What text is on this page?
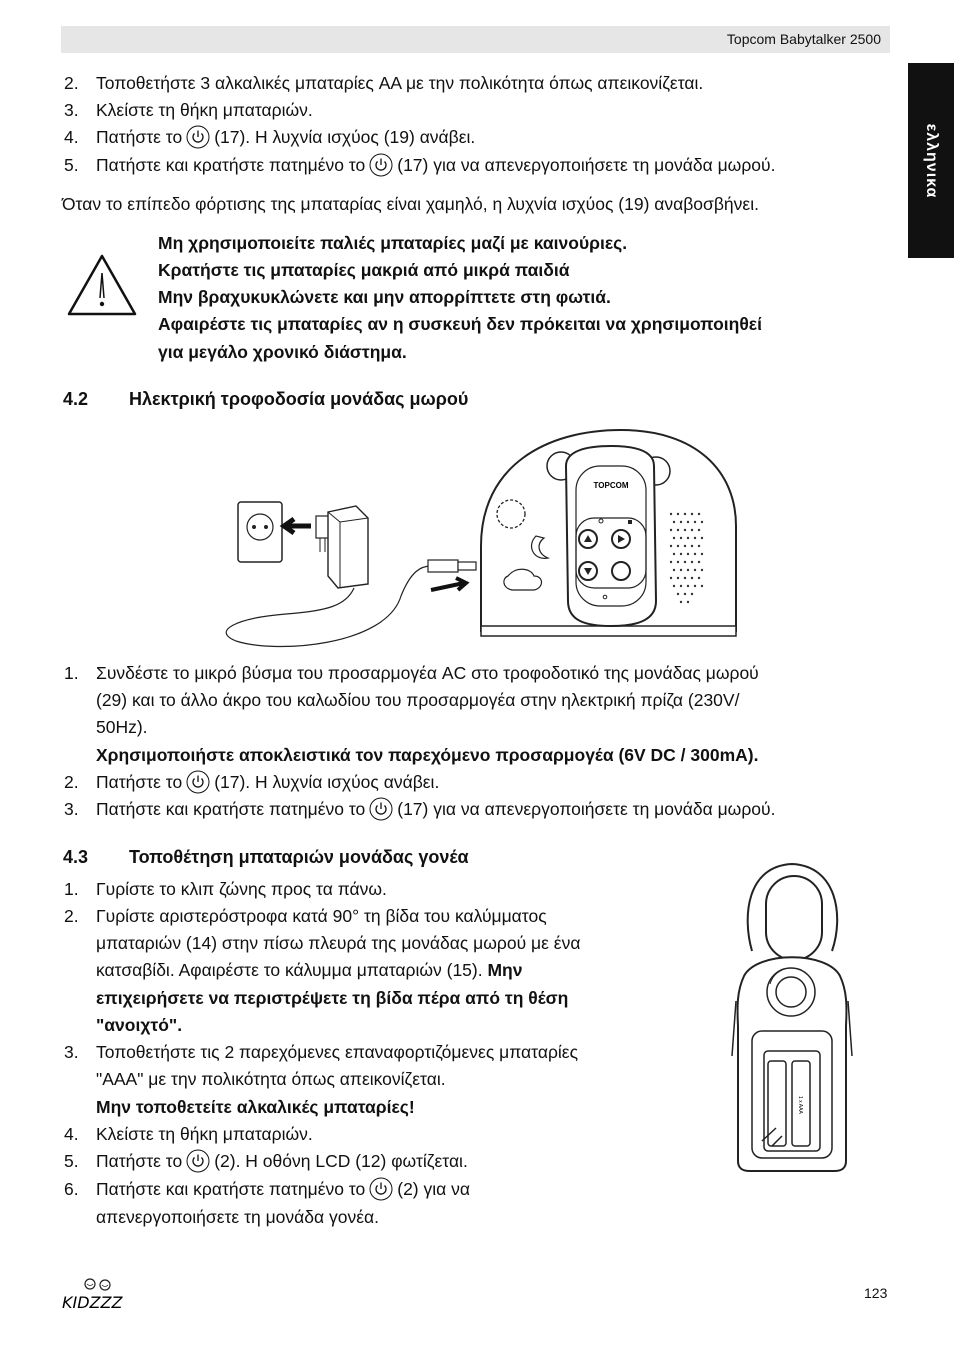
Topcom Babytalker 2500
ελληνικα
2. Τοποθετήστε 3 αλκαλικές μπαταρίες AA με την πολικότητα όπως απεικονίζεται.
3. Κλείστε τη θήκη μπαταριών.
4. Πατήστε το (17). Η λυχνία ισχύος (19) ανάβει.
5. Πατήστε και κρατήστε πατημένο το (17) για να απενεργοποιήσετε τη μονάδα μωρού.
Όταν το επίπεδο φόρτισης της μπαταρίας είναι χαμηλό, η λυχνία ισχύος (19) αναβοσβήνει.
Μη χρησιμοποιείτε παλιές μπαταρίες μαζί με καινούριες.
Κρατήστε τις μπαταρίες μακριά από μικρά παιδιά
Μην βραχυκυκλώνετε και μην απορρίπτετε στη φωτιά.
Αφαιρέστε τις μπαταρίες αν η συσκευή δεν πρόκειται να χρησιμοποιηθεί
για μεγάλο χρονικό διάστημα.
4.2 Ηλεκτρική τροφοδοσία μονάδας μωρού
TOPCOM
1. Συνδέστε το μικρό βύσμα του προσαρμογέα AC στο τροφοδοτικό της μονάδας μωρού
(29) και το άλλο άκρο του καλωδίου του προσαρμογέα στην ηλεκτρική πρίζα (230V/
50Hz).
Χρησιμοποιήστε αποκλειστικά τον παρεχόμενο προσαρμογέα (6V DC / 300mA).
2. Πατήστε το (17). Η λυχνία ισχύος ανάβει.
3. Πατήστε και κρατήστε πατημένο το (17) για να απενεργοποιήσετε τη μονάδα μωρού.
4.3 Τοποθέτηση μπαταριών μονάδας γονέα
1. Γυρίστε το κλιπ ζώνης προς τα πάνω.
2. Γυρίστε αριστερόστροφα κατά 90° τη βίδα του καλύμματος
μπαταριών (14) στην πίσω πλευρά της μονάδας μωρού με ένα
κατσαβίδι. Αφαιρέστε το κάλυμμα μπαταριών (15). Μην
επιχειρήσετε να περιστρέψετε τη βίδα πέρα από τη θέση
"ανοιχτό".
3. Τοποθετήστε τις 2 παρεχόμενες επαναφορτιζόμενες μπαταρίες
"AAA" με την πολικότητα όπως απεικονίζεται.
Μην τοποθετείτε αλκαλικές μπαταρίες!
4. Κλείστε τη θήκη μπαταριών.
5. Πατήστε το (2). Η οθόνη LCD (12) φωτίζεται.
6. Πατήστε και κρατήστε πατημένο το (2) για να
απενεργοποιήσετε τη μονάδα γονέα.
1 x AAA
KIDZZZ	123
